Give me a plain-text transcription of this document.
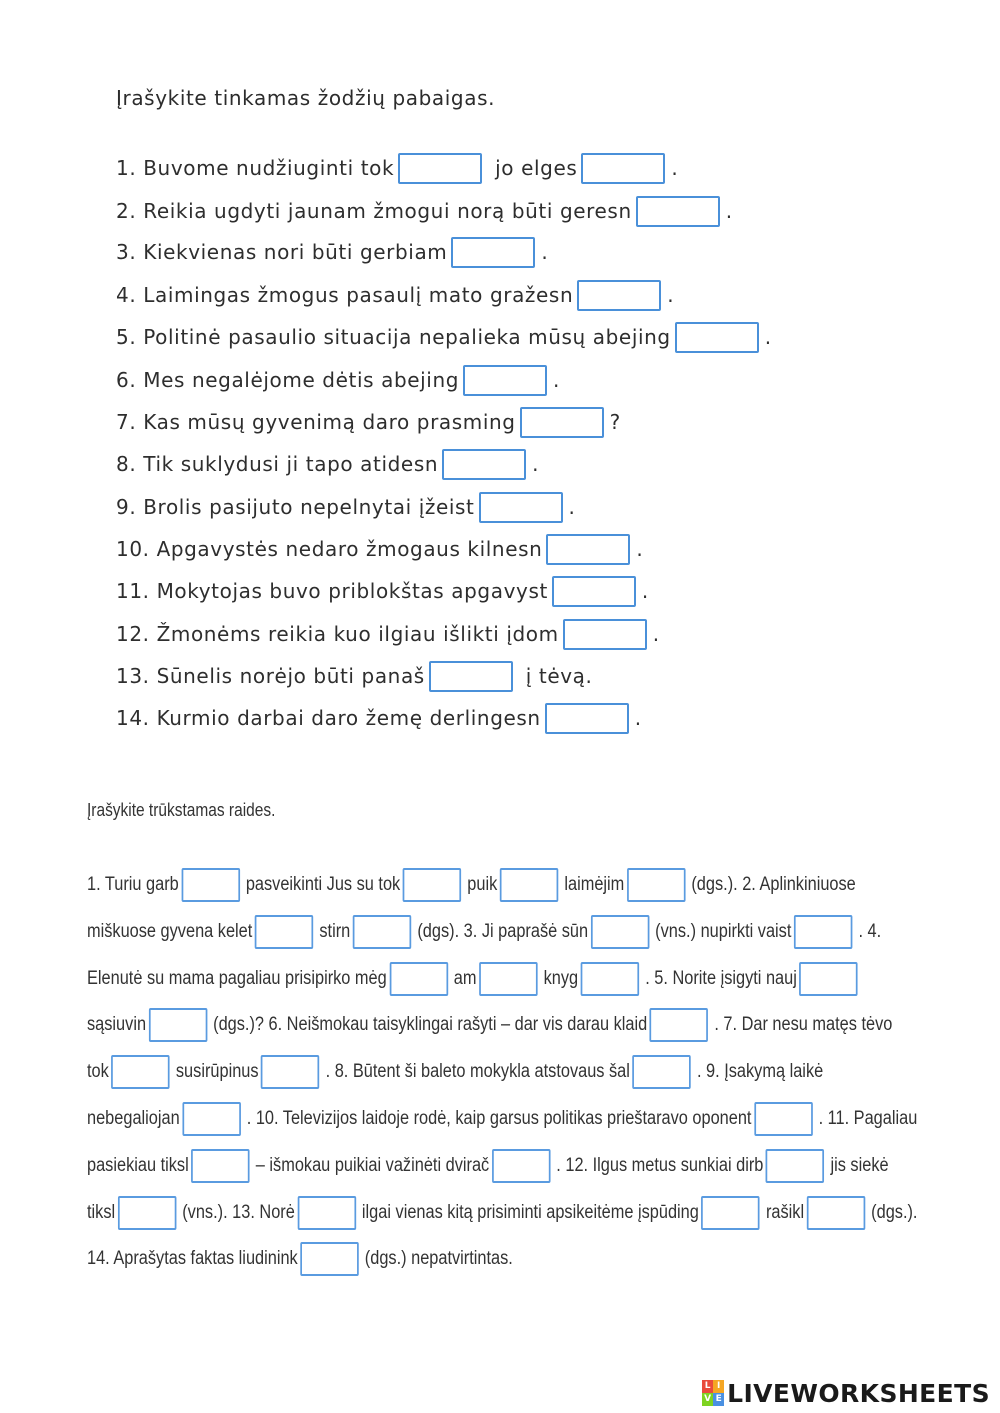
Įrašykite tinkamas žodžių pabaigas.
1. Buvome nudžiuginti tok	jo elges	.
2. Reikia ugdyti jaunam žmogui norą būti geresn	.
3. Kiekvienas nori būti gerbiam	.
4. Laimingas žmogus pasaulį mato gražesn	.
5. Politinė pasaulio situacija nepalieka mūsų abejing	.
6. Mes negalėjome dėtis abejing	.
7. Kas mūsų gyvenimą daro prasming	?
8. Tik suklydusi ji tapo atidesn	.
9. Brolis pasijuto nepelnytai įžeist	.
10. Apgavystės nedaro žmogaus kilnesn	.
11. Mokytojas buvo priblokštas apgavyst	.
12. Žmonėms reikia kuo ilgiau išlikti įdom	.
13. Sūnelis norėjo būti panaš	į tėvą.
14. Kurmio darbai daro žemę derlingesn	.
Įrašykite trūkstamas raides.
1. Turiu garb	pasveikinti Jus su tok	puik	laimėjim	(dgs.). 2. Aplinkiniuose
miškuose gyvena kelet	stirn	(dgs). 3. Ji paprašė sūn	(vns.) nupirkti vaist	. 4.
Elenutė su mama pagaliau prisipirko mėg	am	knyg	. 5. Norite įsigyti nauj
sąsiuvin	(dgs.)? 6. Neišmokau taisyklingai rašyti – dar vis darau klaid	. 7. Dar nesu matęs tėvo
tok	susirūpinus	. 8. Būtent ši baleto mokykla atstovaus šal	. 9. Įsakymą laikė
nebegaliojan	. 10. Televizijos laidoje rodė, kaip garsus politikas prieštaravo oponent	. 11. Pagaliau
pasiekiau tiksl	– išmokau puikiai važinėti dvirač	. 12. Ilgus metus sunkiai dirb	jis siekė
tiksl	(vns.). 13. Norė	ilgai vienas kitą prisiminti apsikeitėme įspūding	rašikl	(dgs.).
14. Aprašytas faktas liudinink	(dgs.) nepatvirtintas.
L I
V E LIVEWORKSHEETS
